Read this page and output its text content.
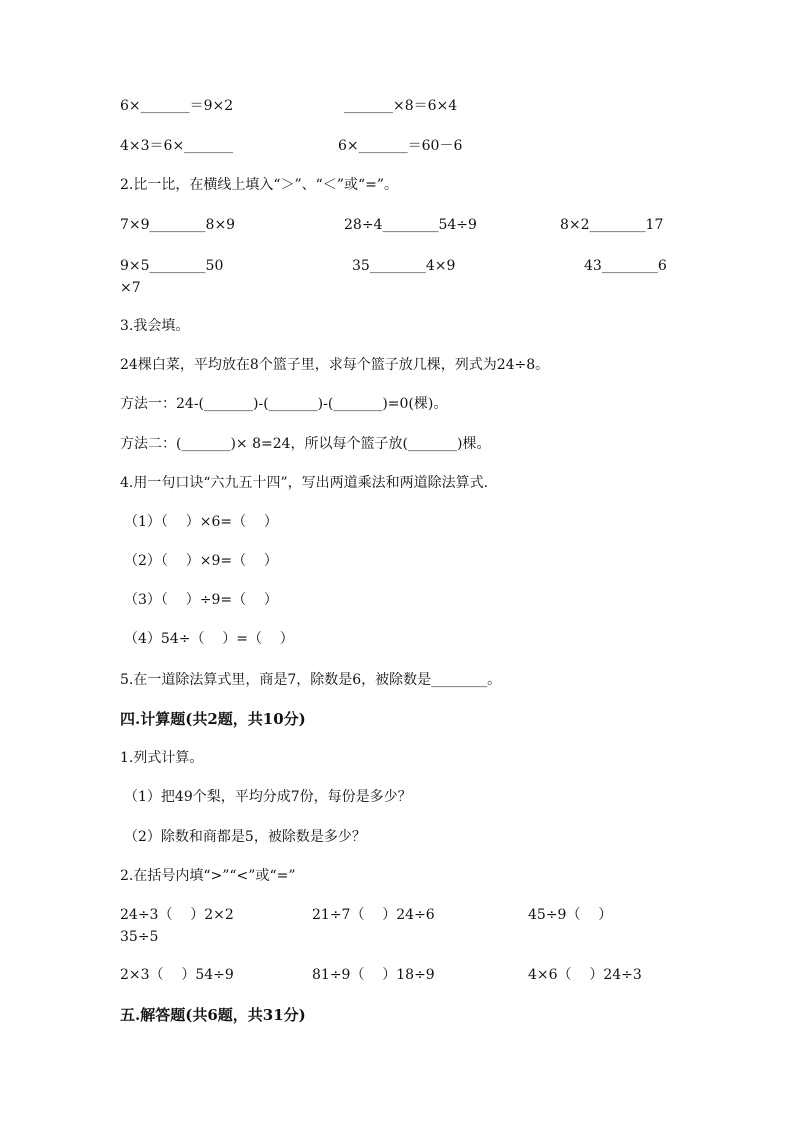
6×_______＝9×2	_______×8＝6×4
4×3＝6×_______	6×_______＝60－6
2.比一比，在横线上填入“＞”、“＜”或“=”。
7×9________8×9	28÷4________54÷9	8×2________17
9×5________50	35________4×9	43________6
×7
3.我会填。
24棵白菜，平均放在8个篮子里，求每个篮子放几棵，列式为24÷8。
方法一：24-(_______)-(_______)-(_______)=0(棵)。
方法二：(_______)× 8=24，所以每个篮子放(_______)棵。
4.用一句口诀“六九五十四”，写出两道乘法和两道除法算式.
（1）（    ）×6=（    ）
（2）（    ）×9=（    ）
（3）（    ）÷9=（    ）
（4）54÷（    ）=（    ）
5.在一道除法算式里，商是7，除数是6，被除数是________。
四.计算题(共2题，共10分)
1.列式计算。
（1）把49个梨，平均分成7份，每份是多少？
（2）除数和商都是5，被除数是多少？
2.在括号内填“>”“<”或“=”
24÷3（    ）2×2	21÷7（    ）24÷6	45÷9（    ）
35÷5
2×3（    ）54÷9	81÷9（    ）18÷9	4×6（    ）24÷3
五.解答题(共6题，共31分)
